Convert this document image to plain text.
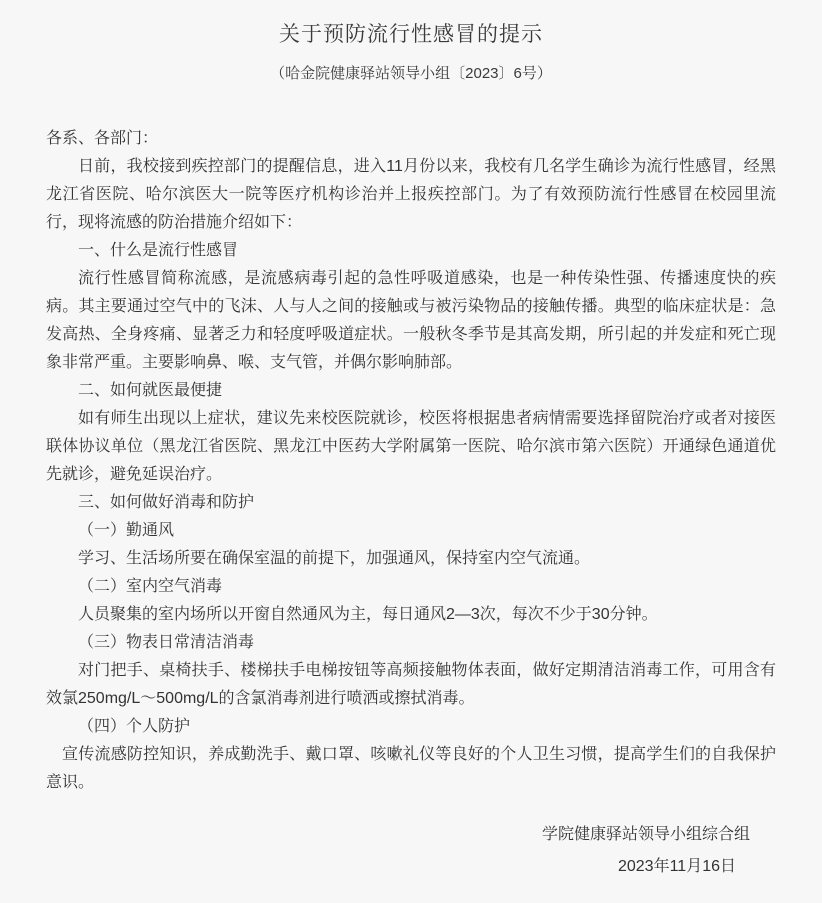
关于预防流行性感冒的提示
（哈金院健康驿站领导小组〔2023〕6号）

各系、各部门：

日前，我校接到疾控部门的提醒信息，进入11月份以来，我校有几名学生确诊为流行性感冒，经黑龙江省医院、哈尔滨医大一院等医疗机构诊治并上报疾控部门。为了有效预防流行性感冒在校园里流行，现将流感的防治措施介绍如下：

一、什么是流行性感冒

流行性感冒简称流感，是流感病毒引起的急性呼吸道感染，也是一种传染性强、传播速度快的疾病。其主要通过空气中的飞沫、人与人之间的接触或与被污染物品的接触传播。典型的临床症状是：急发高热、全身疼痛、显著乏力和轻度呼吸道症状。一般秋冬季节是其高发期，所引起的并发症和死亡现象非常严重。主要影响鼻、喉、支气管，并偶尔影响肺部。

二、如何就医最便捷

如有师生出现以上症状，建议先来校医院就诊，校医将根据患者病情需要选择留院治疗或者对接医联体协议单位（黑龙江省医院、黑龙江中医药大学附属第一医院、哈尔滨市第六医院）开通绿色通道优先就诊，避免延误治疗。

三、如何做好消毒和防护

（一）勤通风

学习、生活场所要在确保室温的前提下，加强通风，保持室内空气流通。

（二）室内空气消毒

人员聚集的室内场所以开窗自然通风为主，每日通风2—3次，每次不少于30分钟。

（三）物表日常清洁消毒

对门把手、桌椅扶手、楼梯扶手电梯按钮等高频接触物体表面，做好定期清洁消毒工作，可用含有效氯250mg/L～500mg/L的含氯消毒剂进行喷洒或擦拭消毒。

（四）个人防护

宣传流感防控知识，养成勤洗手、戴口罩、咳嗽礼仪等良好的个人卫生习惯，提高学生们的自我保护意识。

学院健康驿站领导小组综合组

2023年11月16日
